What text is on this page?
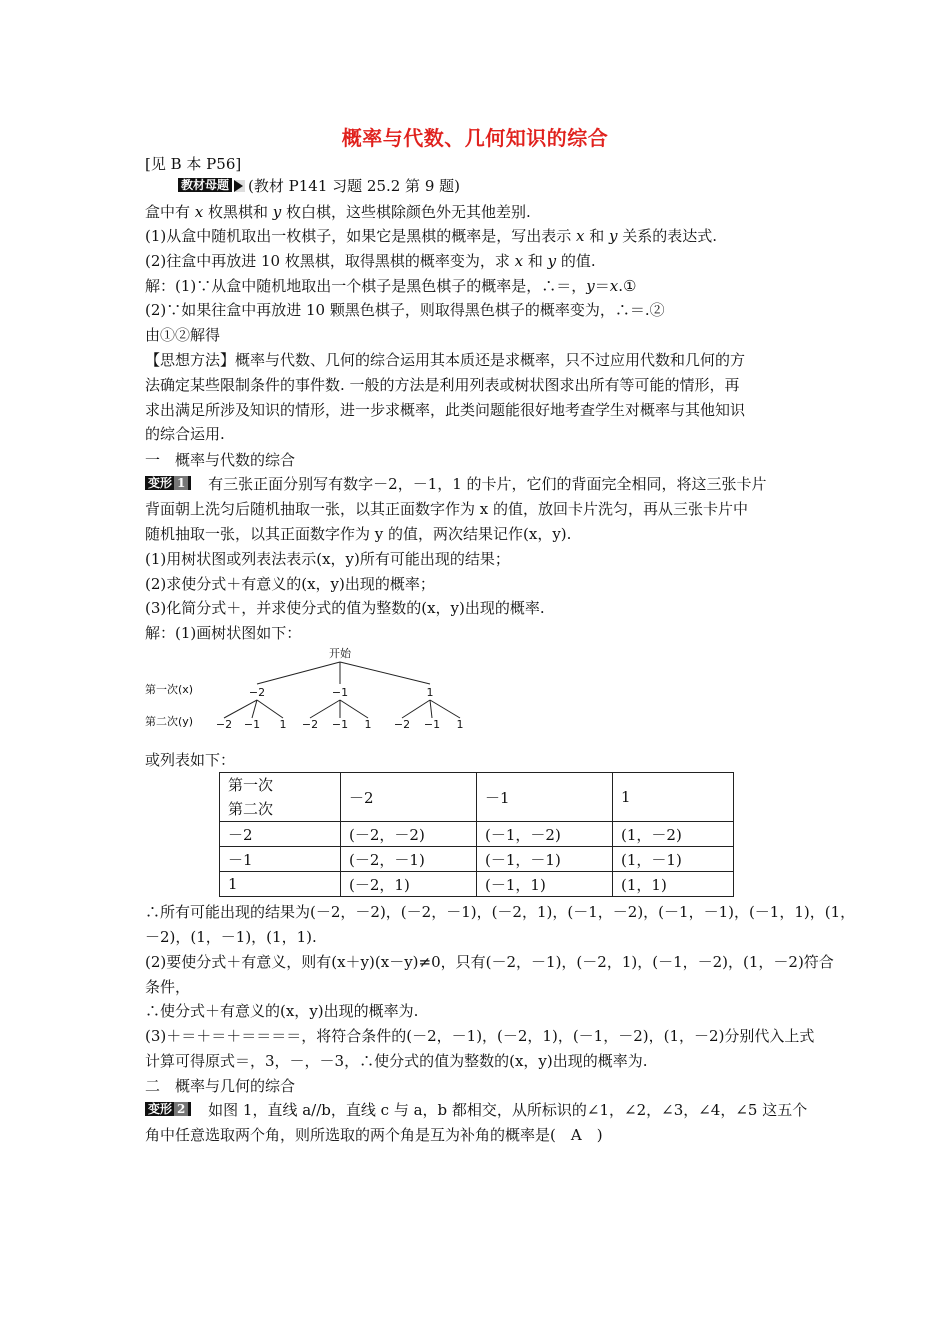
概率与代数、几何知识的综合
[见 B 本 P56]
教材母题 (教材 P141 习题 25.2 第 9 题)
盒中有 x 枚黑棋和 y 枚白棋，这些棋除颜色外无其他差别.
(1)从盒中随机取出一枚棋子，如果它是黑棋的概率是，写出表示 x 和 y 关系的表达式.
(2)往盒中再放进 10 枚黑棋，取得黑棋的概率变为，求 x 和 y 的值.
解：(1)∵从盒中随机地取出一个棋子是黑色棋子的概率是，∴＝，y＝x.①
(2)∵如果往盒中再放进 10 颗黑色棋子，则取得黑色棋子的概率变为，∴＝.②
由①②解得
【思想方法】概率与代数、几何的综合运用其本质还是求概率，只不过应用代数和几何的方
法确定某些限制条件的事件数. 一般的方法是利用列表或树状图求出所有等可能的情形，再
求出满足所涉及知识的情形，进一步求概率，此类问题能很好地考查学生对概率与其他知识
的综合运用.
一　概率与代数的综合
变形 1 有三张正面分别写有数字－2，－1，1 的卡片，它们的背面完全相同，将这三张卡片
背面朝上洗匀后随机抽取一张，以其正面数字作为 x 的值，放回卡片洗匀，再从三张卡片中
随机抽取一张，以其正面数字作为 y 的值，两次结果记作(x，y).
(1)用树状图或列表法表示(x，y)所有可能出现的结果；
(2)求使分式＋有意义的(x，y)出现的概率；
(3)化简分式＋，并求使分式的值为整数的(x，y)出现的概率.
解：(1)画树状图如下：
开始
第一次(x)
第二次(y)
−2	−1	1
−2 −1 1 −2 −1 1 −2 −1 1
或列表如下：
第一次
第二次	－2	－1	1
－2	(－2，－2)	(－1，－2)	(1，－2)
－1	(－2，－1)	(－1，－1)	(1，－1)
1	(－2，1)	(－1，1)	(1，1)
∴所有可能出现的结果为(－2，－2)，(－2，－1)，(－2，1)，(－1，－2)，(－1，－1)，(－1，1)，(1，
－2)，(1，－1)，(1，1).
(2)要使分式＋有意义，则有(x＋y)(x－y)≠0，只有(－2，－1)，(－2，1)，(－1，－2)，(1，－2)符合
条件，
∴使分式＋有意义的(x，y)出现的概率为.
(3)＋＝＋＝＋＝＝＝＝，将符合条件的(－2，－1)，(－2，1)，(－1，－2)，(1，－2)分别代入上式
计算可得原式＝，3，－，－3，∴使分式的值为整数的(x，y)出现的概率为.
二　概率与几何的综合
变形 2 如图 1，直线 a//b，直线 c 与 a，b 都相交，从所标识的∠1，∠2，∠3，∠4，∠5 这五个
角中任意选取两个角，则所选取的两个角是互为补角的概率是(　A　)
